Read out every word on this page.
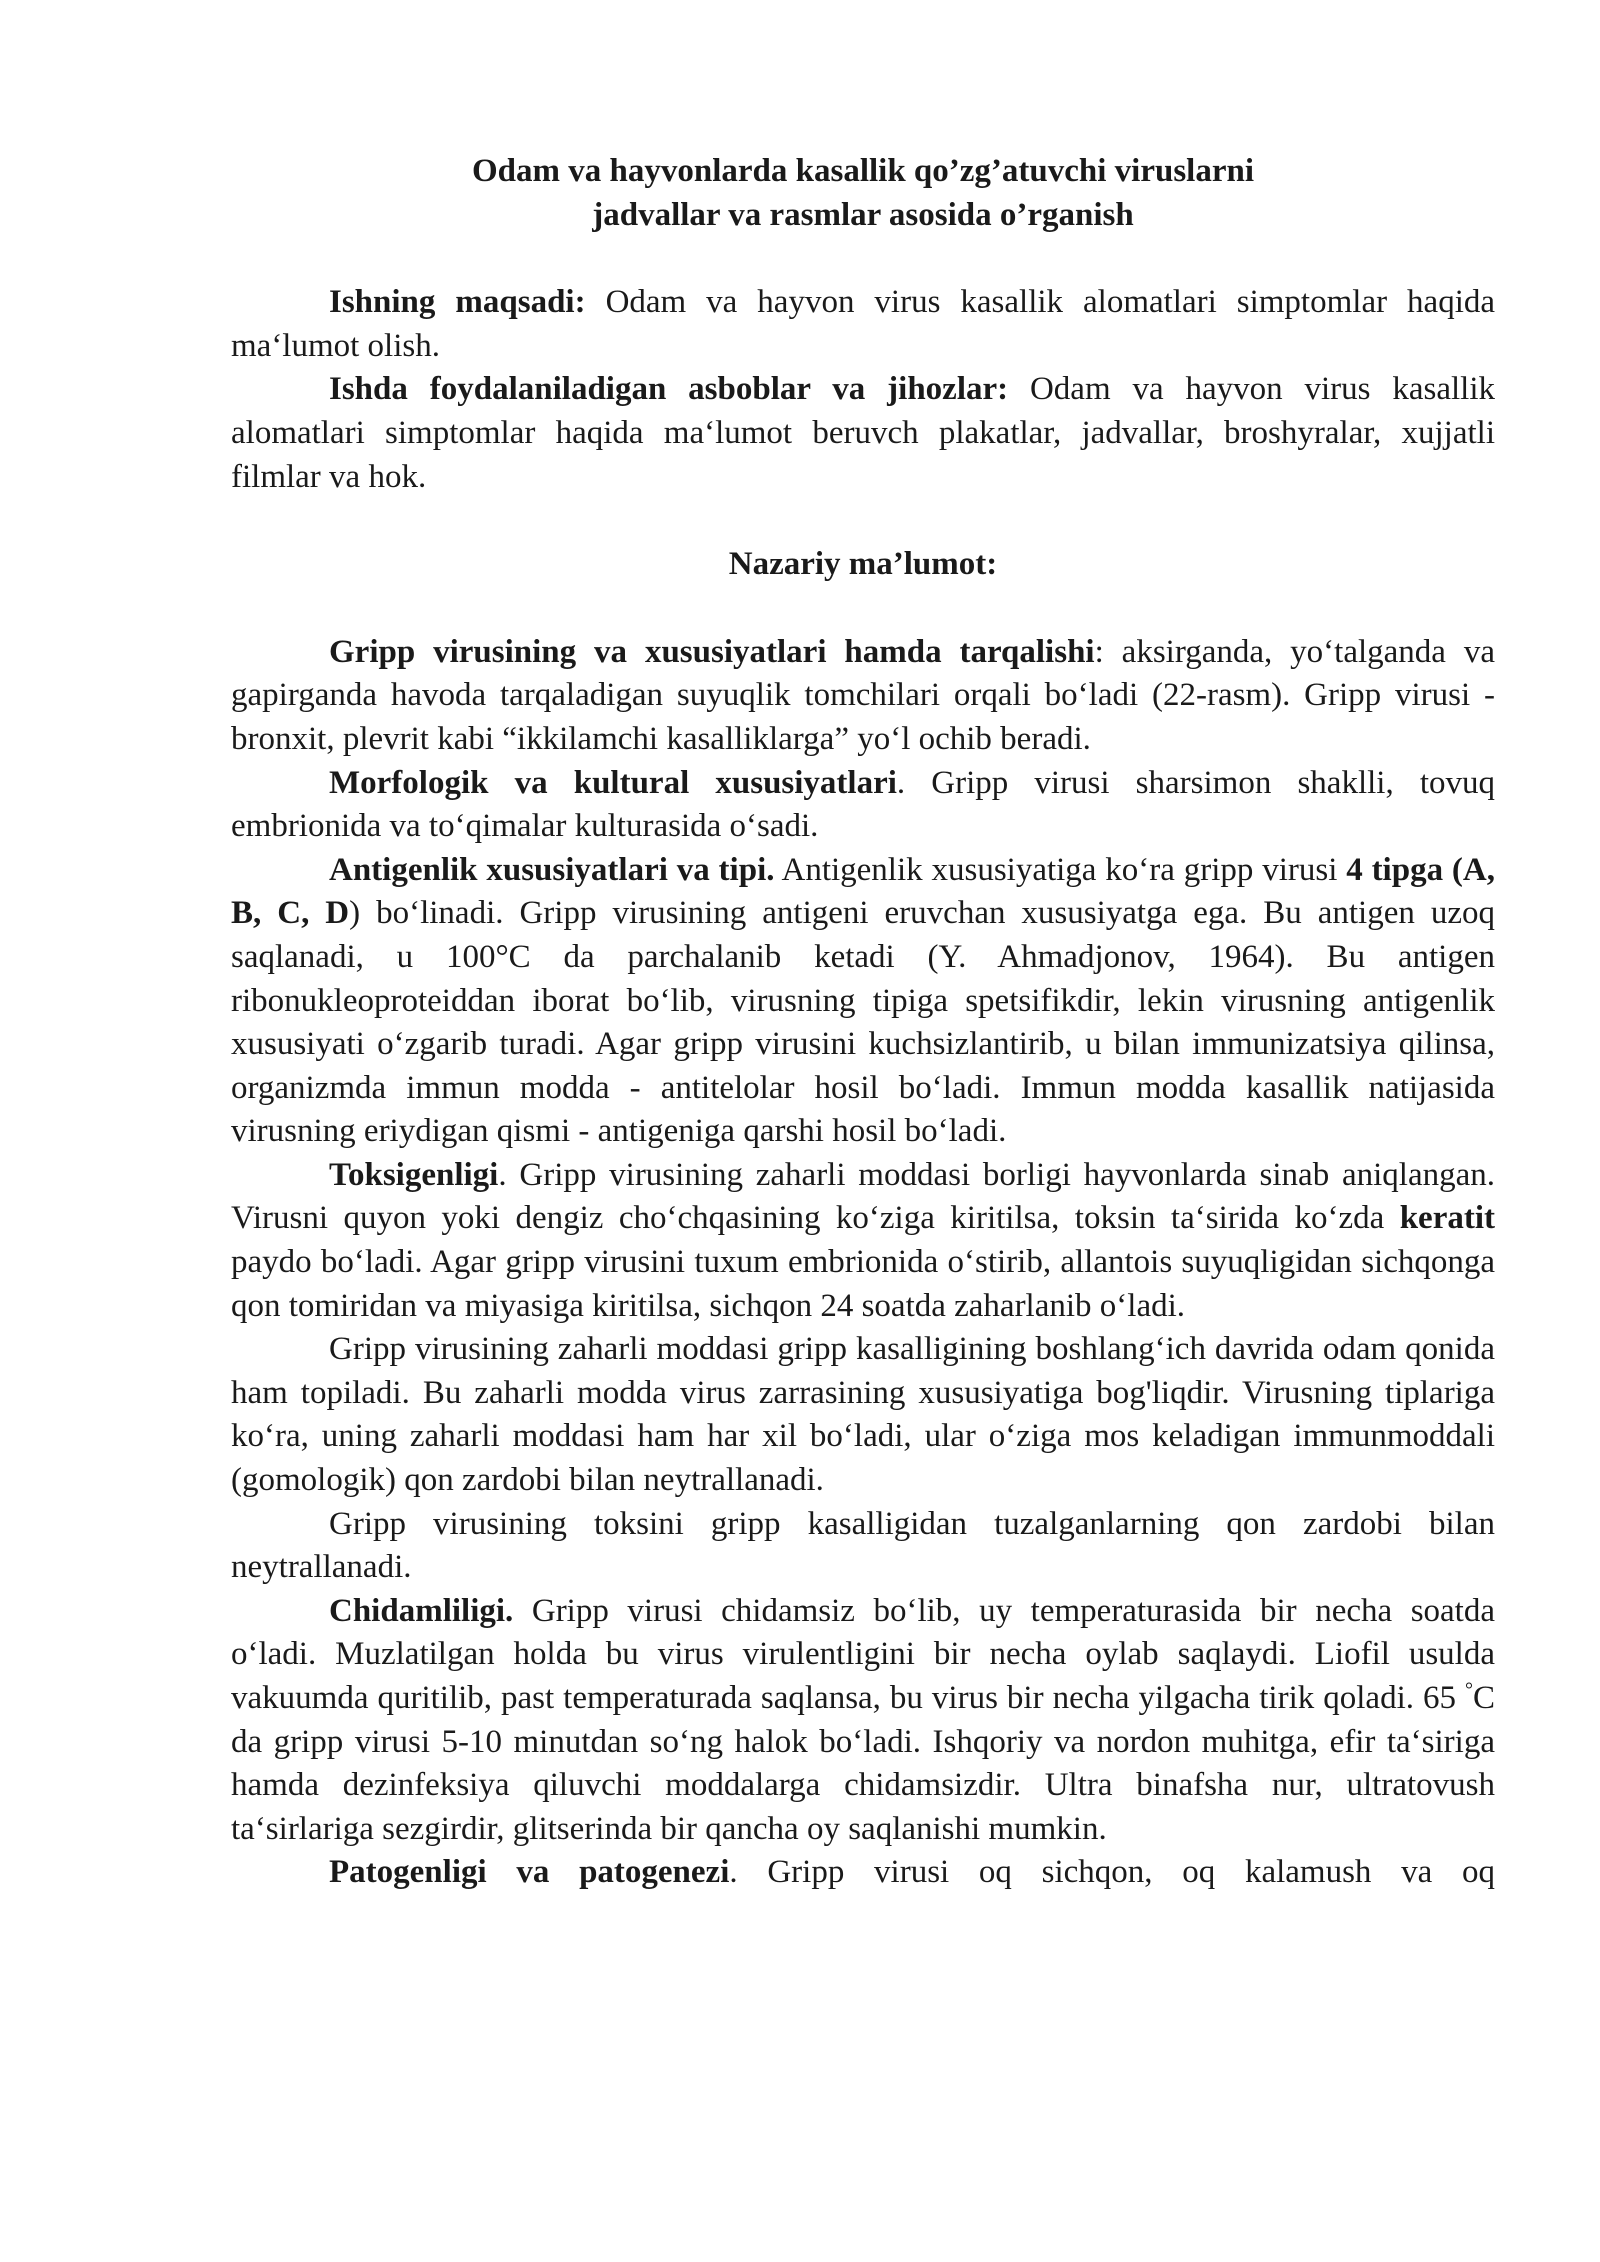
Odam va hayvonlarda kasallik qo’zg’atuvchi viruslarni
jadvallar va rasmlar asosida o’rganish

Ishning maqsadi: Odam va hayvon virus kasallik alomatlari simptomlar haqida ma‘lumot olish.

Ishda foydalaniladigan asboblar va jihozlar: Odam va hayvon virus kasallik alomatlari simptomlar haqida ma‘lumot beruvch plakatlar, jadvallar, broshyralar, xujjatli filmlar va hok.

Nazariy ma’lumot:

Gripp virusining va xususiyatlari hamda tarqalishi: aksirganda, yo‘talganda va gapirganda havoda tarqaladigan suyuqlik tomchilari orqali bo‘ladi (22-rasm). Gripp virusi - bronxit, plevrit kabi “ikkilamchi kasalliklarga” yo‘l ochib beradi.

Morfologik va kultural xususiyatlari. Gripp virusi sharsimon shaklli, tovuq embrionida va to‘qimalar kulturasida o‘sadi.

Antigenlik xususiyatlari va tipi. Antigenlik xususiyatiga ko‘ra gripp virusi 4 tipga (A, B, C, D) bo‘linadi. Gripp virusining antigeni eruvchan xususiyatga ega. Bu antigen uzoq saqlanadi, u 100°C da parchalanib ketadi (Y. Ahmadjonov, 1964). Bu antigen ribonukleoproteiddan iborat bo‘lib, virusning tipiga spetsifikdir, lekin virusning antigenlik xususiyati o‘zgarib turadi. Agar gripp virusini kuchsizlantirib, u bilan immunizatsiya qilinsa, organizmda immun modda - antitelolar hosil bo‘ladi. Immun modda kasallik natijasida virusning eriydigan qismi - antigeniga qarshi hosil bo‘ladi.

Toksigenligi. Gripp virusining zaharli moddasi borligi hayvonlarda sinab aniqlangan. Virusni quyon yoki dengiz cho‘chqasining ko‘ziga kiritilsa, toksin ta‘sirida ko‘zda keratit paydo bo‘ladi. Agar gripp virusini tuxum embrionida o‘stirib, allantois suyuqligidan sichqonga qon tomiridan va miyasiga kiritilsa, sichqon 24 soatda zaharlanib o‘ladi.

Gripp virusining zaharli moddasi gripp kasalligining boshlang‘ich davrida odam qonida ham topiladi. Bu zaharli modda virus zarrasining xususiyatiga bog'liqdir. Virusning tiplariga ko‘ra, uning zaharli moddasi ham har xil bo‘ladi, ular o‘ziga mos keladigan immunmoddali (gomologik) qon zardobi bilan neytrallanadi.

Gripp virusining toksini gripp kasalligidan tuzalganlarning qon zardobi bilan neytrallanadi.

Chidamliligi. Gripp virusi chidamsiz bo‘lib, uy temperaturasida bir necha soatda o‘ladi. Muzlatilgan holda bu virus virulentligini bir necha oylab saqlaydi. Liofil usulda vakuumda quritilib, past temperaturada saqlansa, bu virus bir necha yilgacha tirik qoladi. 65 °C da gripp virusi 5-10 minutdan so‘ng halok bo‘ladi. Ishqoriy va nordon muhitga, efir ta‘siriga hamda dezinfeksiya qiluvchi moddalarga chidamsizdir. Ultra binafsha nur, ultratovush ta‘sirlariga sezgirdir, glitserinda bir qancha oy saqlanishi mumkin.

Patogenligi va patogenezi. Gripp virusi oq sichqon, oq kalamush va oq
